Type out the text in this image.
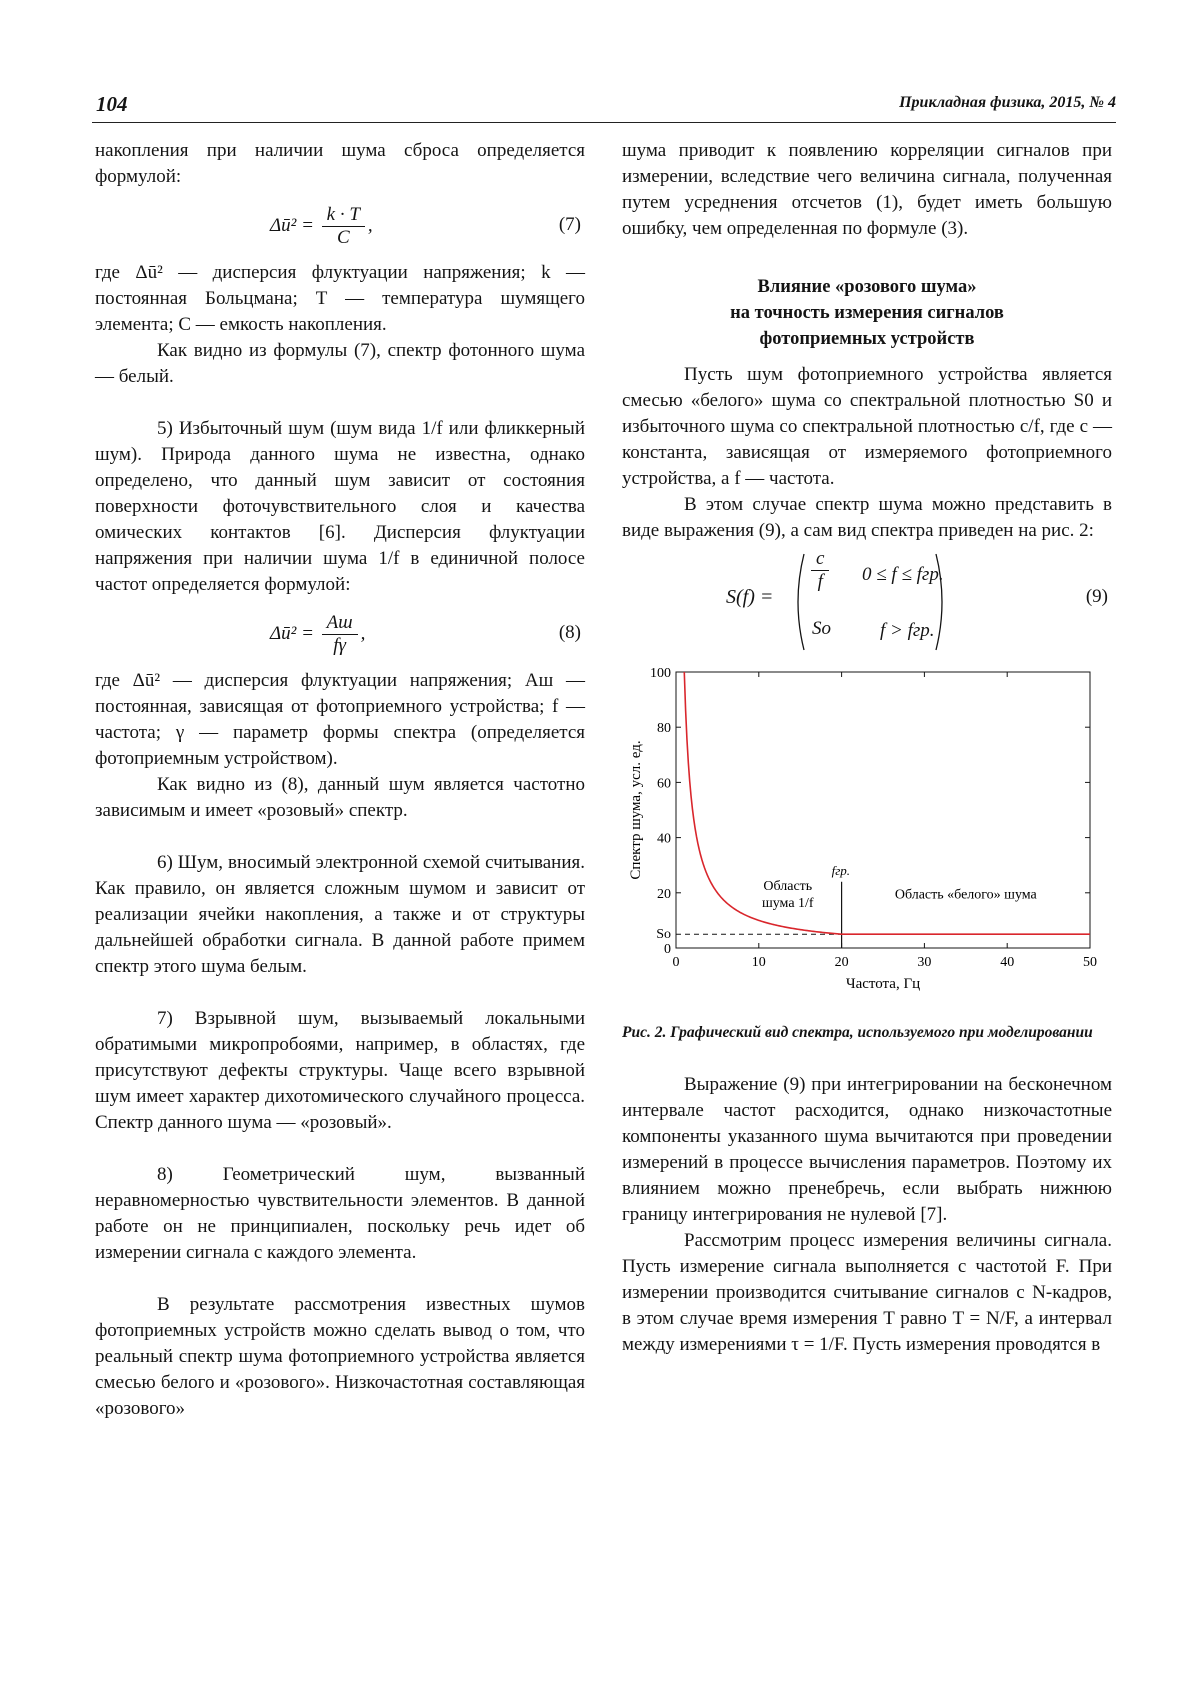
104	Прикладная физика, 2015, № 4

накопления при наличии шума сброса определяется формулой:

Δū² = $\frac{k \cdot T}{C}$ ,	(7)

где Δū² — дисперсия флуктуации напряжения; k — постоянная Больцмана; T — температура шумящего элемента; C — емкость накопления.

Как видно из формулы (7), спектр фотонного шума — белый.

5) Избыточный шум (шум вида 1/f или фликкерный шум). Природа данного шума не известна, однако определено, что данный шум зависит от состояния поверхности фоточувствительного слоя и качества омических контактов [6]. Дисперсия флуктуации напряжения при наличии шума 1/f в единичной полосе частот определяется формулой:

Δū² = $\frac{Aш}{f\gamma}$ ,	(8)

где Δū² — дисперсия флуктуации напряжения; Aш — постоянная, зависящая от фотоприемного устройства; f — частота; γ — параметр формы спектра (определяется фотоприемным устройством).

Как видно из (8), данный шум является частотно зависимым и имеет «розовый» спектр.

6) Шум, вносимый электронной схемой считывания. Как правило, он является сложным шумом и зависит от реализации ячейки накопления, а также и от структуры дальнейшей обработки сигнала. В данной работе примем спектр этого шума белым.

7) Взрывной шум, вызываемый локальными обратимыми микропробоями, например, в областях, где присутствуют дефекты структуры. Чаще всего взрывной шум имеет характер дихотомического случайного процесса. Спектр данного шума — «розовый».

8) Геометрический шум, вызванный неравномерностью чувствительности элементов. В данной работе он не принципиален, поскольку речь идет об измерении сигнала с каждого элемента.

В результате рассмотрения известных шумов фотоприемных устройств можно сделать вывод о том, что реальный спектр шума фотоприемного устройства является смесью белого и «розового». Низкочастотная составляющая «розового»

шума приводит к появлению корреляции сигналов при измерении, вследствие чего величина сигнала, полученная путем усреднения отсчетов (1), будет иметь большую ошибку, чем определенная по формуле (3).

Влияние «розового шума»
на точность измерения сигналов
фотоприемных устройств

Пусть шум фотоприемного устройства является смесью «белого» шума со спектральной плотностью S0 и избыточного шума со спектральной плотностью c/f, где с — константа, зависящая от измеряемого фотоприемного устройства, а f — частота.

В этом случае спектр шума можно представить в виде выражения (9), а сам вид спектра приведен на рис. 2:

S(f) =
$\frac{c}{f} 0 \le f$ ≤ fгр.
So	f > fгр.
(9)
0	10	20	30	40	50
0
20
40
60
80
100
So
fгр.
Область
шума 1/f
Область «белого» шума
Частота, Гц
Спектр шума, усл. ед.

Рис. 2. Графический вид спектра, используемого при моделировании

Выражение (9) при интегрировании на бесконечном интервале частот расходится, однако низкочастотные компоненты указанного шума вычитаются при проведении измерений в процессе вычисления параметров. Поэтому их влиянием можно пренебречь, если выбрать нижнюю границу интегрирования не нулевой [7].

Рассмотрим процесс измерения величины сигнала. Пусть измерение сигнала выполняется с частотой F. При измерении производится считывание сигналов с N-кадров, в этом случае время измерения T равно T = N/F, а интервал между измерениями τ = 1/F. Пусть измерения проводятся в
